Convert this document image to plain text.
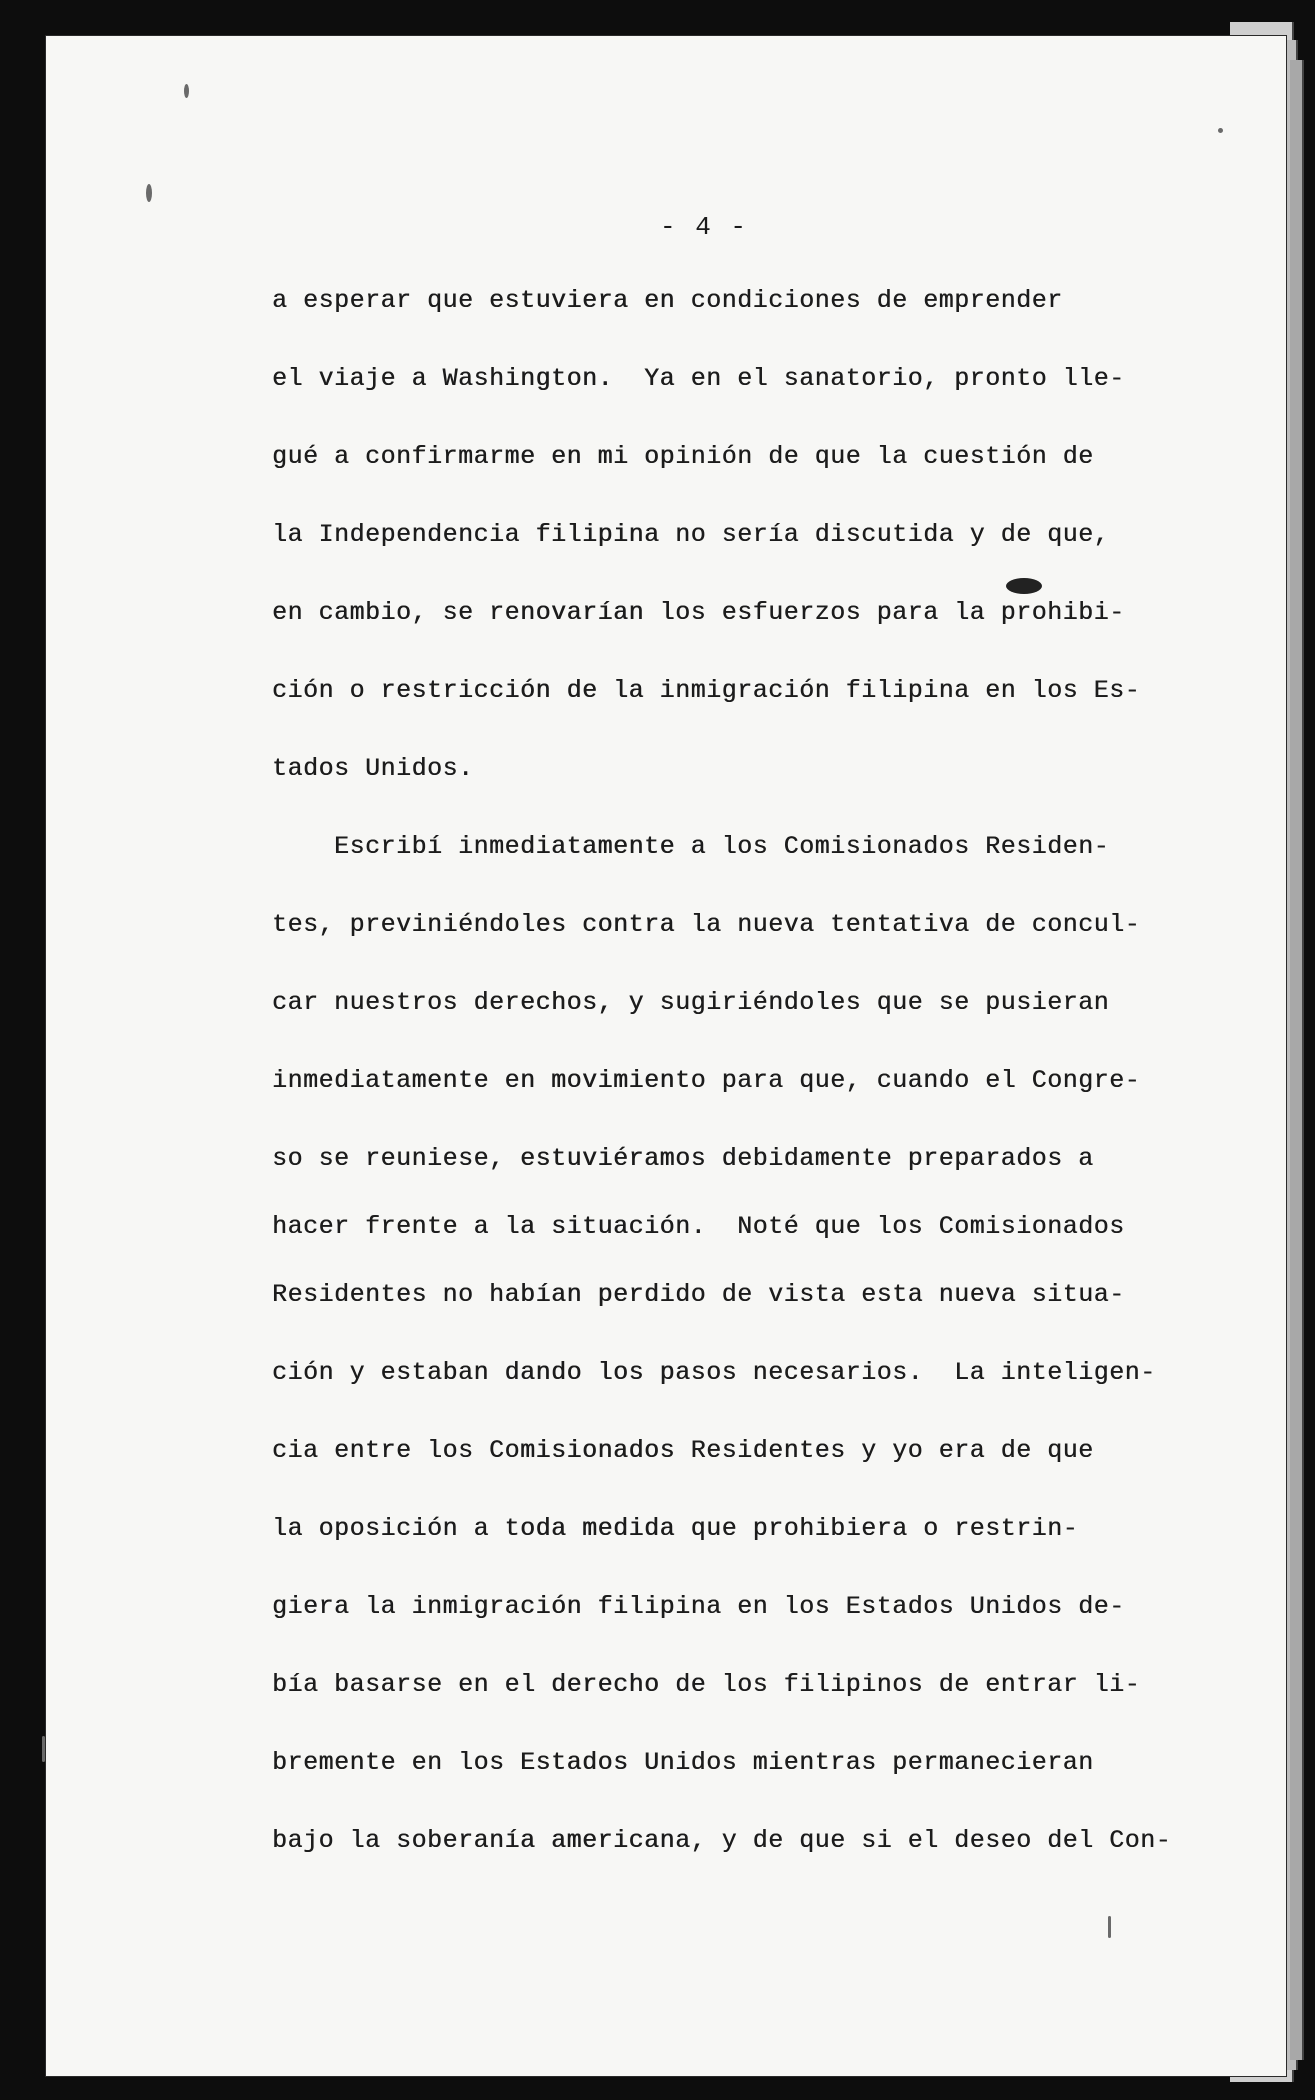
- 4 -
a esperar que estuviera en condiciones de emprender
el viaje a Washington.  Ya en el sanatorio, pronto lle-
gué a confirmarme en mi opinión de que la cuestión de
la Independencia filipina no sería discutida y de que,
en cambio, se renovarían los esfuerzos para la prohibi-
ción o restricción de la inmigración filipina en los Es-
tados Unidos.
Escribí inmediatamente a los Comisionados Residen-
tes, previniéndoles contra la nueva tentativa de concul-
car nuestros derechos, y sugiriéndoles que se pusieran
inmediatamente en movimiento para que, cuando el Congre-
so se reuniese, estuviéramos debidamente preparados a
hacer frente a la situación.  Noté que los Comisionados
Residentes no habían perdido de vista esta nueva situa-
ción y estaban dando los pasos necesarios.  La inteligen-
cia entre los Comisionados Residentes y yo era de que
la oposición a toda medida que prohibiera o restrin-
giera la inmigración filipina en los Estados Unidos de-
bía basarse en el derecho de los filipinos de entrar li-
bremente en los Estados Unidos mientras permanecieran
bajo la soberanía americana, y de que si el deseo del Con-
